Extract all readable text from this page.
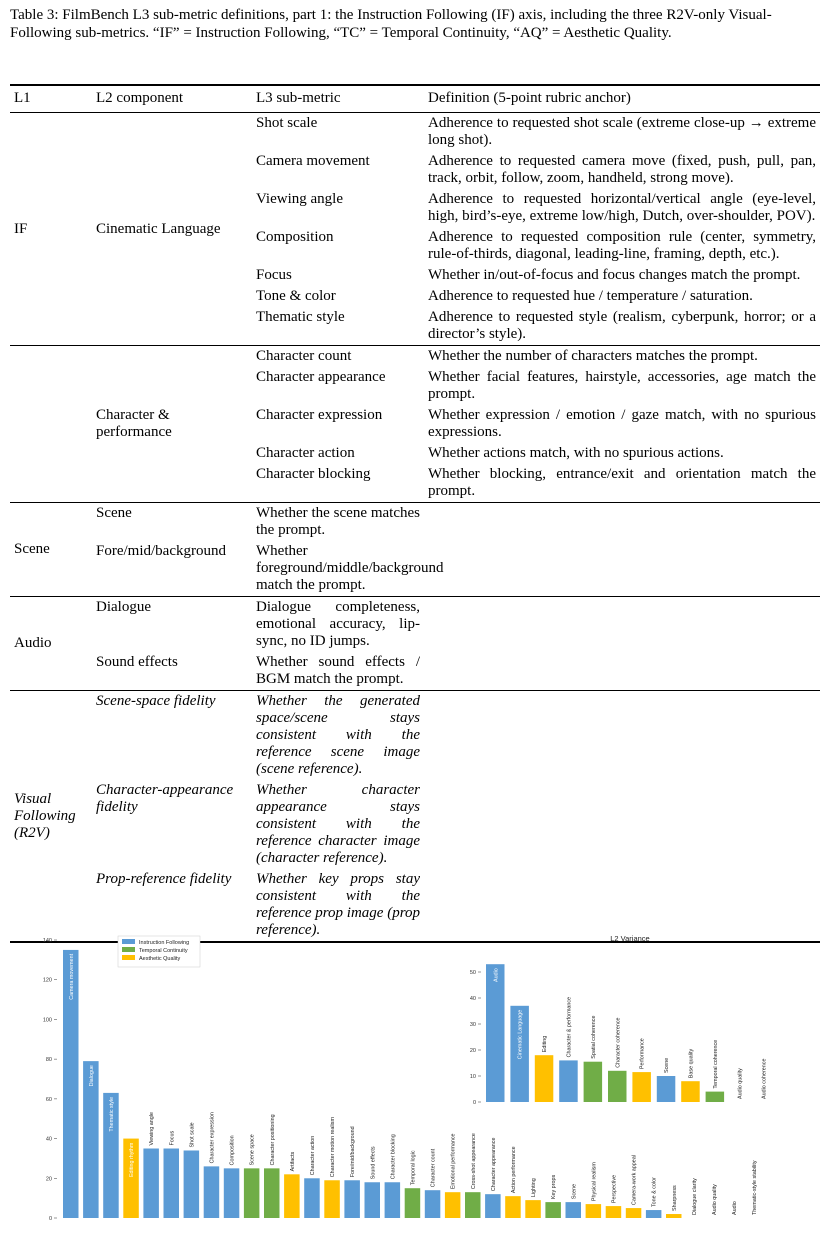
Table 3: FilmBench L3 sub-metric definitions, part 1: the Instruction Following (IF) axis, including the three R2V-only Visual-Following sub-metrics. “IF” = Instruction Following, “TC” = Temporal Continuity, “AQ” = Aesthetic Quality.
L1	L2 component	L3 sub-metric	Definition (5-point rubric anchor)
IF	Cinematic Language	Shot scale	Adherence to requested shot scale (extreme close-up → extreme long shot).
		Camera movement	Adherence to requested camera move (fixed, push, pull, pan, track, orbit, follow, zoom, handheld, strong move).
		Viewing angle	Adherence to requested horizontal/vertical angle (eye-level, high, bird’s-eye, extreme low/high, Dutch, over-shoulder, POV).
		Composition	Adherence to requested composition rule (center, symmetry, rule-of-thirds, diagonal, leading-line, framing, depth, etc.).
		Focus	Whether in/out-of-focus and focus changes match the prompt.
		Tone & color	Adherence to requested hue / temperature / saturation.
		Thematic style	Adherence to requested style (realism, cyberpunk, horror; or a director’s style).
	Character & performance	Character count	Whether the number of characters matches the prompt.
		Character appearance	Whether facial features, hairstyle, accessories, age match the prompt.
		Character expression	Whether expression / emotion / gaze match, with no spurious expressions.
		Character action	Whether actions match, with no spurious actions.
		Character blocking	Whether blocking, entrance/exit and orientation match the prompt.
Scene	Scene	Whether the scene matches the prompt.	
	Fore/mid/background	Whether foreground/middle/background match the prompt.	
Audio	Dialogue	Dialogue completeness, emotional accuracy, lip-sync, no ID jumps.	
	Sound effects	Whether sound effects / BGM match the prompt.	
Visual Following (R2V)	Scene-space fidelity	Whether the generated space/scene stays consistent with the reference scene image (scene reference).	
	Character-appearance fidelity	Whether character appearance stays consistent with the reference character image (character reference).	
	Prop-reference fidelity	Whether key props stay consistent with the reference prop image (prop reference).	
0
20
40
60
80
100
120
140
Camera movement
Dialogue
Thematic style
Editing rhythm
Viewing angle	Focus	Shot scale	Character expression	Composition	Scene space	Character positioning	Artifacts	Character action	Character motion realism	Fore/mid/background	Sound effects	Character blocking	Temporal logic	Character count	Emotional performance	Cross-shot appearance	Character appearance	Action performance	Lighting	Key props	Scene	Physical realism	Perspective	Camera-work appeal	Tone & color	Sharpness	Dialogue clarity	Audio quality	Audio	Thematic-style stability
Instruction Following
Temporal Continuity
Aesthetic Quality
L2 Variance
0
10
20
30
40
50	Audio
Cinematic Language	Editing	Character & performance	Spatial coherence	Character coherence	Performance	Scene	Base quality	Temporal coherence	Audio quality	Audio coherence
